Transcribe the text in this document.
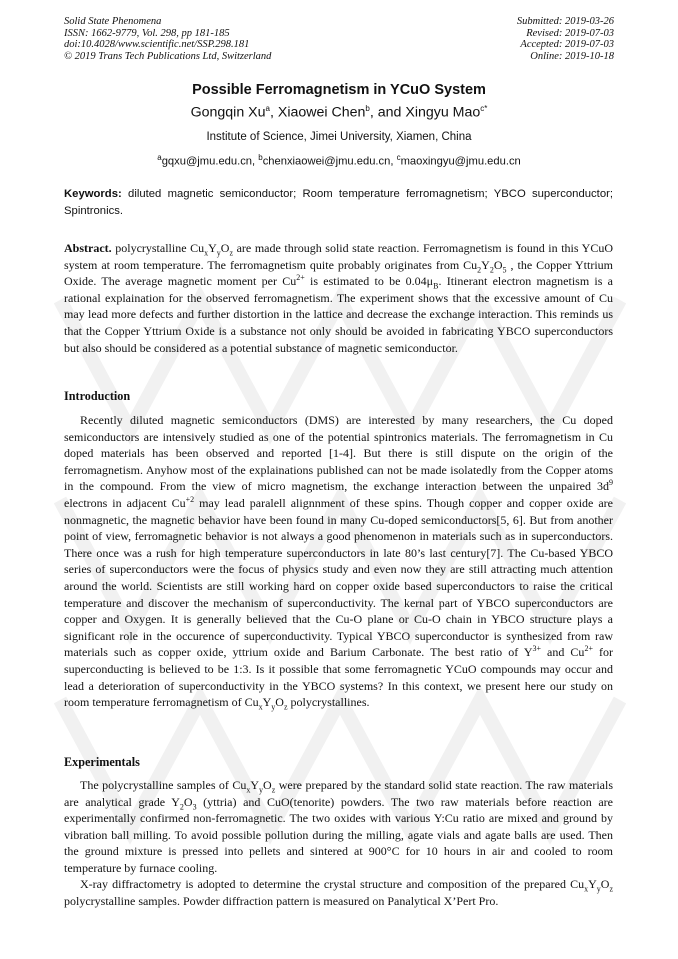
Solid State Phenomena
ISSN: 1662-9779, Vol. 298, pp 181-185
doi:10.4028/www.scientific.net/SSP.298.181
© 2019 Trans Tech Publications Ltd, Switzerland
Submitted: 2019-03-26
Revised: 2019-07-03
Accepted: 2019-07-03
Online: 2019-10-18
Possible Ferromagnetism in YCuO System
Gongqin Xu$^a$, Xiaowei Chen$^b$, and Xingyu Mao$^{c*}$
Institute of Science, Jimei University, Xiamen, China
$^a$gqxu@jmu.edu.cn, $^b$chenxiaowei@jmu.edu.cn, $^c$maoxingyu@jmu.edu.cn
Keywords: diluted magnetic semiconductor; Room temperature ferromagnetism; YBCO superconductor; Spintronics.

Abstract. polycrystalline $Cu_xY_yO_z$ are made through solid state reaction. Ferromagnetism is found in this YCuO system at room temperature. The ferromagnetism quite probably originates from $Cu_2Y_2O_5$ , the Copper Yttrium Oxide. The average magnetic moment per $Cu^{2+}$ is estimated to be $0.04\mu_B$. Itinerant electron magnetism is a rational explaination for the observed ferromagnetism. The experiment shows that the excessive amount of Cu may lead more defects and further distortion in the lattice and decrease the exchange interaction. This reminds us that the Copper Yttrium Oxide is a substance not only should be avoided in fabricating YBCO superconductors but also should be considered as a potential substance of magnetic semiconductor.

Introduction

Recently diluted magnetic semiconductors (DMS) are interested by many researchers, the Cu doped semiconductors are intensively studied as one of the potential spintronics materials. The ferromagnetism in Cu doped materials has been observed and reported [1-4]. But there is still dispute on the origin of the ferromagnetism. Anyhow most of the explainations published can not be made isolatedly from the Copper atoms in the compound. From the view of micro magnetism, the exchange interaction between the unpaired $3d^9$ electrons in adjacent $Cu^{+2}$ may lead paralell alignnment of these spins. Though copper and copper oxide are nonmagnetic, the magnetic behavior have been found in many Cu-doped semiconductors[5, 6]. But from another point of view, ferromagnetic behavior is not always a good phenomenon in materials such as in superconductors. There once was a rush for high temperature superconductors in late 80’s last century[7]. The Cu-based YBCO series of superconductors were the focus of physics study and even now they are still attracting much attention around the world. Scientists are still working hard on copper oxide based superconductors to raise the critical temperature and discover the mechanism of superconductivity. The kernal part of YBCO superconductors are copper and Oxygen. It is generally believed that the Cu-O plane or Cu-O chain in YBCO structure plays a significant role in the occurence of superconductivity. Typical YBCO superconductor is synthesized from raw materials such as copper oxide, yttrium oxide and Barium Carbonate. The best ratio of $Y^{3+}$ and $Cu^{2+}$ for superconducting is believed to be 1:3. Is it possible that some ferromagnetic YCuO compounds may occur and lead a deterioration of superconductivity in the YBCO systems? In this context, we present here our study on room temperature ferromagnetism of $Cu_xY_yO_z$ polycrystallines.

Experimentals

The polycrystalline samples of $Cu_xY_yO_z$ were prepared by the standard solid state reaction. The raw materials are analytical grade $Y_2O_3$ (yttria) and CuO(tenorite) powders. The two raw materials before reaction are experimentally confirmed non-ferromagnetic. The two oxides with various Y:Cu ratio are mixed and ground by vibration ball milling. To avoid possible pollution during the milling, agate vials and agate balls are used. Then the ground mixture is pressed into pellets and sintered at 900°C for 10 hours in air and cooled to room temperature by furnace cooling.

X-ray diffractometry is adopted to determine the crystal structure and composition of the prepared $Cu_xY_yO_z$ polycrystalline samples. Powder diffraction pattern is measured on Panalytical X’Pert Pro.
